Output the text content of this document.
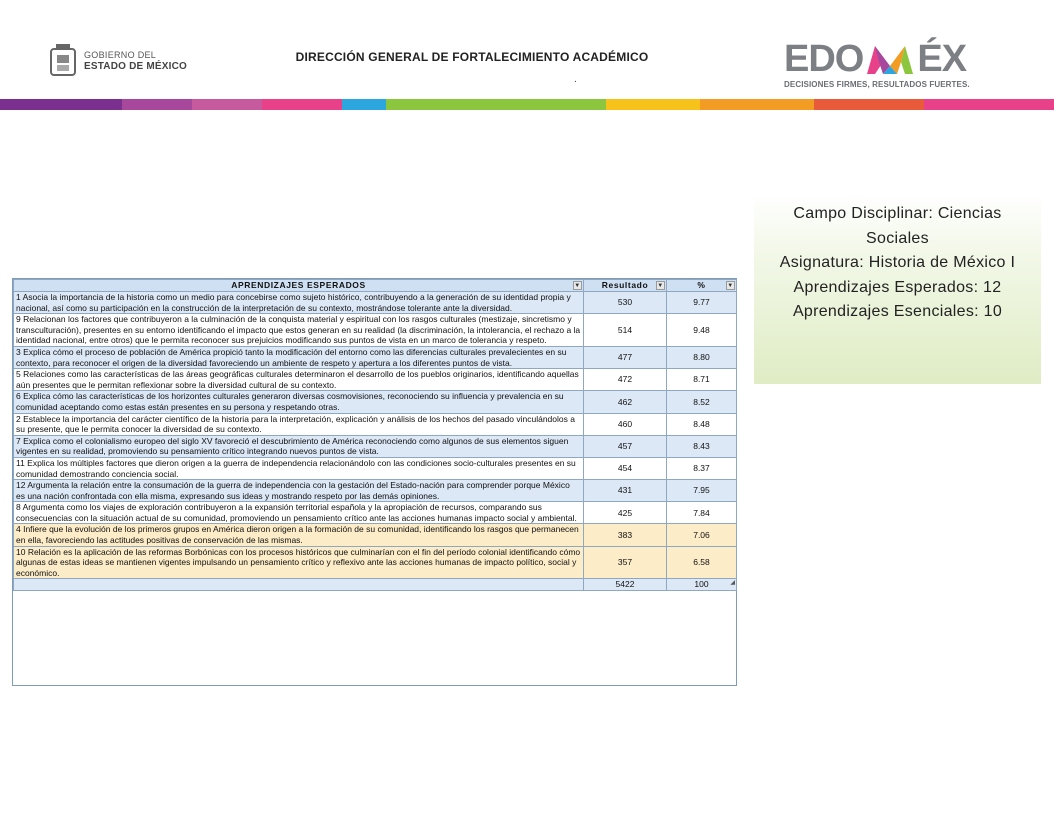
GOBIERNO DEL
ESTADO DE MÉXICO
DIRECCIÓN GENERAL DE FORTALECIMIENTO ACADÉMICO
.	EDO ÉX
DECISIONES FIRMES, RESULTADOS FUERTES.
Campo Disciplinar: Ciencias Sociales
Asignatura: Historia de México I
Aprendizajes Esperados: 12
Aprendizajes Esenciales: 10
APRENDIZAJES ESPERADOS ▼	Resultado ▼	% ▼

1 Asocia la importancia de la historia como un medio para concebirse como sujeto histórico, contribuyendo a la generación de su identidad propia y nacional, así como su participación en la construcción de la interpretación de su contexto, mostrándose tolerante ante la diversidad.	530	9.77
9 Relacionan los factores que contribuyeron a la culminación de la conquista material y espiritual con los rasgos culturales (mestizaje, sincretismo y transculturación), presentes en su entorno identificando el impacto que estos generan en su realidad (la discriminación, la intolerancia, el rechazo a la identidad nacional, entre otros) que le permita reconocer sus prejuicios modificando sus puntos de vista en un marco de tolerancia y respeto.	514	9.48
3 Explica cómo el proceso de población de América propició tanto la modificación del entorno como las diferencias culturales prevalecientes en su contexto, para reconocer el origen de la diversidad favoreciendo un ambiente de respeto y apertura a los diferentes puntos de vista.	477	8.80
5 Relaciones como las características de las áreas geográficas culturales determinaron el desarrollo de los pueblos originarios, identificando aquellas aún presentes que le permitan reflexionar sobre la diversidad cultural de su contexto.	472	8.71
6 Explica cómo las características de los horizontes culturales generaron diversas cosmovisiones, reconociendo su influencia y prevalencia en su comunidad aceptando como estas están presentes en su persona y respetando otras.	462	8.52
2 Establece la importancia del carácter científico de la historia para la interpretación, explicación y análisis de los hechos del pasado vinculándolos a su presente, que le permita conocer la diversidad de su contexto.	460	8.48
7 Explica como el colonialismo europeo del siglo XV favoreció el descubrimiento de América reconociendo como algunos de sus elementos siguen vigentes en su realidad, promoviendo su pensamiento crítico integrando nuevos puntos de vista.	457	8.43
11 Explica los múltiples factores que dieron origen a la guerra de independencia relacionándolo con las condiciones socio-culturales presentes en su comunidad demostrando conciencia social.	454	8.37
12 Argumenta la relación entre la consumación de la guerra de independencia con la gestación del Estado-nación para comprender porque México es una nación confrontada con ella misma, expresando sus ideas y mostrando respeto por las demás opiniones.	431	7.95
8 Argumenta como los viajes de exploración contribuyeron a la expansión territorial española y la apropiación de recursos, comparando sus consecuencias con la situación actual de su comunidad, promoviendo un pensamiento crítico ante las acciones humanas impacto social y ambiental.	425	7.84
4 Infiere que la evolución de los primeros grupos en América dieron origen a la formación de su comunidad, identificando los rasgos que permanecen en ella, favoreciendo las actitudes positivas de conservación de las mismas.	383	7.06
10 Relación es la aplicación de las reformas Borbónicas con los procesos históricos que culminarían con el fin del período colonial identificando cómo algunas de estas ideas se mantienen vigentes impulsando un pensamiento crítico y reflexivo ante las acciones humanas de impacto político, social y económico.	357	6.58
	5422	100 ◢
